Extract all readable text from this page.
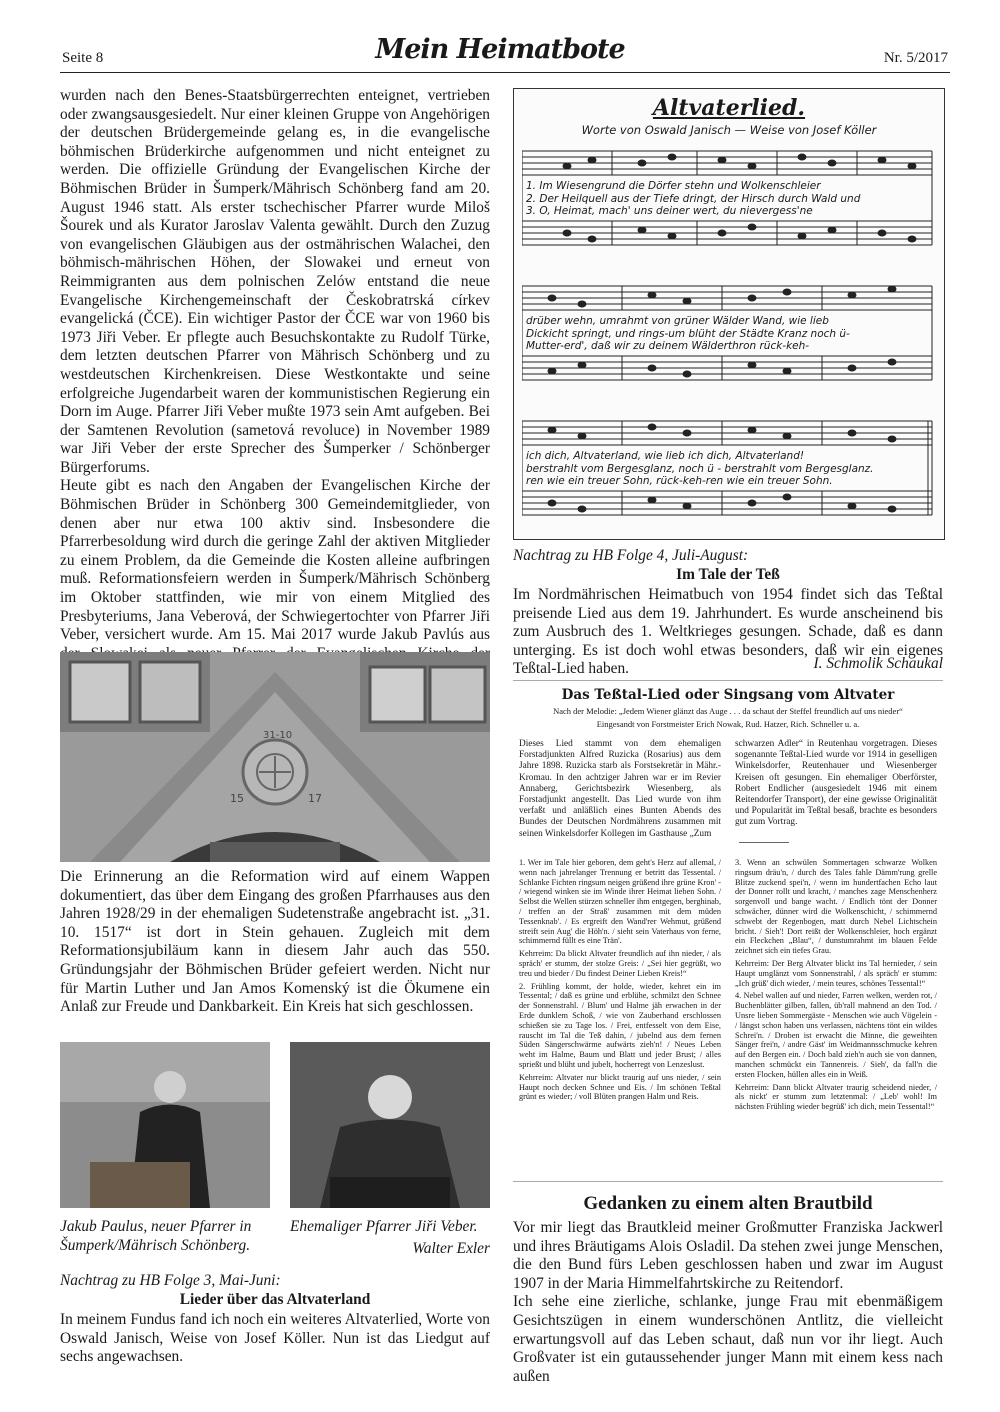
Seite 8	Mein Heimatbote	Nr. 5/2017

wurden nach den Benes-Staatsbürgerrechten enteignet, vertrieben oder zwangsausgesiedelt. Nur einer kleinen Gruppe von Angehörigen der deutschen Brüdergemeinde gelang es, in die evangelische böhmischen Brüderkirche aufgenommen und nicht enteignet zu werden. Die offizielle Gründung der Evangelischen Kirche der Böhmischen Brüder in Šumperk/Mährisch Schönberg fand am 20. August 1946 statt. Als erster tschechischer Pfarrer wurde Miloš Šourek und als Kurator Jaroslav Valenta gewählt. Durch den Zuzug von evangelischen Gläubigen aus der ostmährischen Walachei, den böhmisch-mährischen Höhen, der Slowakei und erneut von Reimmigranten aus dem polnischen Zelów entstand die neue Evangelische Kirchengemeinschaft der Českobratrská církev evangelická (ČCE). Ein wichtiger Pastor der ČCE war von 1960 bis 1973 Jiři Veber. Er pflegte auch Besuchskontakte zu Rudolf Türke, dem letzten deutschen Pfarrer von Mährisch Schönberg und zu westdeutschen Kirchenkreisen. Diese Westkontakte und seine erfolgreiche Jugendarbeit waren der kommunistischen Regierung ein Dorn im Auge. Pfarrer Jiři Veber mußte 1973 sein Amt aufgeben. Bei der Samtenen Revolution (sametová revoluce) in November 1989 war Jiři Veber der erste Sprecher des Šumperker / Schönberger Bürgerforums.

Heute gibt es nach den Angaben der Evangelischen Kirche der Böhmischen Brüder in Schönberg 300 Gemeindemitglieder, von denen aber nur etwa 100 aktiv sind. Insbesondere die Pfarrerbesoldung wird durch die geringe Zahl der aktiven Mitglieder zu einem Problem, da die Gemeinde die Kosten alleine aufbringen muß. Reformationsfeiern werden in Šumperk/Mährisch Schönberg im Oktober stattfinden, wie mir von einem Mitglied des Presbyteriums, Jana Veberová, der Schwiegertochter von Pfarrer Jiři Veber, versichert wurde. Am 15. Mai 2017 wurde Jakub Pavlús aus

31-10
15	17
Die Erinnerung an die Reformation wird auf einem Wappen dokumentiert, das über dem Eingang des großen Pfarrhauses aus den Jahren 1928/29 in der ehemaligen Sudetenstraße angebracht ist. „31. 10. 1517“ ist dort in Stein gehauen. Zugleich mit dem Reformationsjubiläum kann in diesem Jahr auch das 550. Gründungsjahr der Böhmischen Brüder gefeiert werden. Nicht nur für Martin Luther und Jan Amos Komenský ist die Ökumene ein Anlaß zur Freude und Dankbarkeit. Ein Kreis hat sich geschlossen.
Jakub Paulus, neuer Pfarrer in Šumperk/Mährisch Schönberg.
Ehemaliger Pfarrer Jiři Veber.
Walter Exler
Nachtrag zu HB Folge 3, Mai-Juni:
Lieder über das Altvaterland
In meinem Fundus fand ich noch ein weiteres Altvaterlied, Worte von Oswald Janisch, Weise von Josef Köller. Nun ist das Liedgut auf sechs angewachsen.
Altvaterlied.
Worte von Oswald Janisch — Weise von Josef Köller
1. Im Wiesengrund die Dörfer stehn und Wolkenschleier
2. Der Heilquell aus der Tiefe dringt, der Hirsch durch Wald und
3. O, Heimat, mach' uns deiner wert, du nievergess'ne
drüber wehn, umrahmt von grüner Wälder Wand, wie lieb
Dickicht springt, und rings-um blüht der Städte Kranz noch ü-
Mutter-erd', daß wir zu deinem Wälderthron rück-keh-
ich dich, Altvaterland, wie lieb ich dich, Altvaterland!
berstrahlt vom Bergesglanz, noch ü - berstrahlt vom Bergesglanz.
ren wie ein treuer Sohn, rück-keh-ren wie ein treuer Sohn.
Nachtrag zu HB Folge 4, Juli-August:
Im Tale der Teß
Im Nordmährischen Heimatbuch von 1954 findet sich das Teßtal preisende Lied aus dem 19. Jahrhundert. Es wurde anscheinend bis zum Ausbruch des 1. Weltkrieges gesungen. Schade, daß es dann unterging. Es ist doch wohl etwas besonders, daß wir ein eigenes Teßtal-Lied haben.	I. Schmolik Schaukal
Das Teßtal-Lied oder Singsang vom Altvater
Nach der Melodie: „Jedem Wiener glänzt das Auge . . . da schaut der Steffel freundlich auf uns nieder“
Eingesandt von Forstmeister Erich Nowak, Rud. Hatzer, Rich. Schneller u. a.
Dieses Lied stammt von dem ehemaligen Forstadjunkten Alfred Ruzicka (Rosarius) aus dem Jahre 1898. Ruzicka starb als Forstsekretär in Mähr.-Kromau. In den achtziger Jahren war er im Revier Annaberg, Gerichtsbezirk Wiesenberg, als Forstadjunkt angestellt. Das Lied wurde von ihm verfaßt und anläßlich eines Bunten Abends des Bundes der Deutschen Nordmährens zusammen mit seinen Winkelsdorfer Kollegen im Gasthause „Zum
schwarzen Adler“ in Reutenhau vorgetragen. Dieses sogenannte Teßtal-Lied wurde vor 1914 in geselligen Winkelsdorfer, Reutenhauer und Wiesenberger Kreisen oft gesungen. Ein ehemaliger Oberförster, Robert Endlicher (ausgesiedelt 1946 mit einem Reitendorfer Transport), der eine gewisse Originalität und Popularität im Teßtal besaß, brachte es besonders gut zum Vortrag.

1. Wer im Tale hier geboren, dem geht's Herz auf allemal, / wenn nach jahrelanger Trennung er betritt das Tessental. / Schlanke Fichten ringsum neigen grüßend ihre grüne Kron' - / wiegend winken sie im Winde ihrer Heimat lieben Sohn. / Selbst die Wellen stürzen schneller ihm entgegen, berghinab, / treffen an der Straß' zusammen mit dem müden Tessenknab'. / Es ergreift den Wand'rer Wehmut, grüßend streift sein Aug' die Höh'n. / sieht sein Vaterhaus von ferne, schimmernd füllt es eine Trän'.

Kehrreim: Da blickt Altvater freundlich auf ihn nieder, / als spräch' er stumm, der stolze Greis: / „Sei hier gegrüßt, wo treu und bieder / Du findest Deiner Lieben Kreis!“

2. Frühling kommt, der holde, wieder, kehret ein im Tessental; / daß es grüne und erblühe, schmilzt den Schnee der Sonnenstrahl. / Blum' und Halme jäh erwachen in der Erde dunklem Schoß, / wie von Zauberhand erschlossen schießen sie zu Tage los. / Frei, entfesselt von dem Eise, rauscht im Tal die Teß dahin, / jubelnd aus dem fernen Süden Sängerschwärme aufwärts zieh'n! / Neues Leben weht im Halme, Baum und Blatt und jeder Brust; / alles sprießt und blüht und jubelt, hocherregt von Lenzeslust.

Kehrreim: Altvater nur blickt traurig auf uns nieder, / sein Haupt noch decken Schnee und Eis. / Im schönen Teßtal grünt es wieder; / voll Blüten prangen Halm und Reis.

3. Wenn an schwülen Sommertagen schwarze Wolken ringsum dräu'n, / durch des Tales fahle Dämm'rung grelle Blitze zuckend spei'n, / wenn im hundertfachen Echo laut der Donner rollt und kracht, / manches zage Menschenherz sorgenvoll und bange wacht. / Endlich tönt der Donner schwächer, dünner wird die Wolkenschicht, / schimmernd schwebt der Regenbogen, matt durch Nebel Lichtschein bricht. / Sieh'! Dort reißt der Wolkenschleier, hoch ergänzt ein Fleckchen „Blau“, / dunstumrahmt im blauen Felde zeichnet sich ein tiefes Grau.

Kehrreim: Der Berg Altvater blickt ins Tal hernieder, / sein Haupt umglänzt vom Sonnenstrahl, / als spräch' er stumm: „Ich grüß' dich wieder, / mein teures, schönes Tessental!“

4. Nebel wallen auf und nieder, Farren welken, werden rot, / Buchenblätter gilben, fallen, üb'rall mahnend an den Tod. / Unsre lieben Sommergäste - Menschen wie auch Vögelein - / längst schon haben uns verlassen, nächtens tönt ein wildes Schrei'n. / Droben ist erwacht die Minne, die geweihten Sänger frei'n, / andre Gäst' im Weidmannsschmucke kehren auf den Bergen ein. / Doch bald zieh'n auch sie von dannen, manchen schmückt ein Tannenreis. / Sieh', da fall'n die ersten Flocken, hüllen alles ein in Weiß.

Kehrreim: Dann blickt Altvater traurig scheidend nieder, / als nickt' er stumm zum letztenmal: / „Leb' wohl! Im nächsten Frühling wieder begrüß' ich dich, mein Tessental!“

Gedanken zu einem alten Brautbild

Vor mir liegt das Brautkleid meiner Großmutter Franziska Jackwerl und ihres Bräutigams Alois Osladil. Da stehen zwei junge Menschen, die den Bund fürs Leben geschlossen haben und zwar im August 1907 in der Maria Himmelfahrtskirche zu Reitendorf.

Ich sehe eine zierliche, schlanke, junge Frau mit ebenmäßigem Gesichtszügen in einem wunderschönen Antlitz, die vielleicht erwartungsvoll auf das Leben schaut, daß nun vor ihr liegt. Auch Großvater ist ein gutaussehender junger Mann mit einem kess nach außen
